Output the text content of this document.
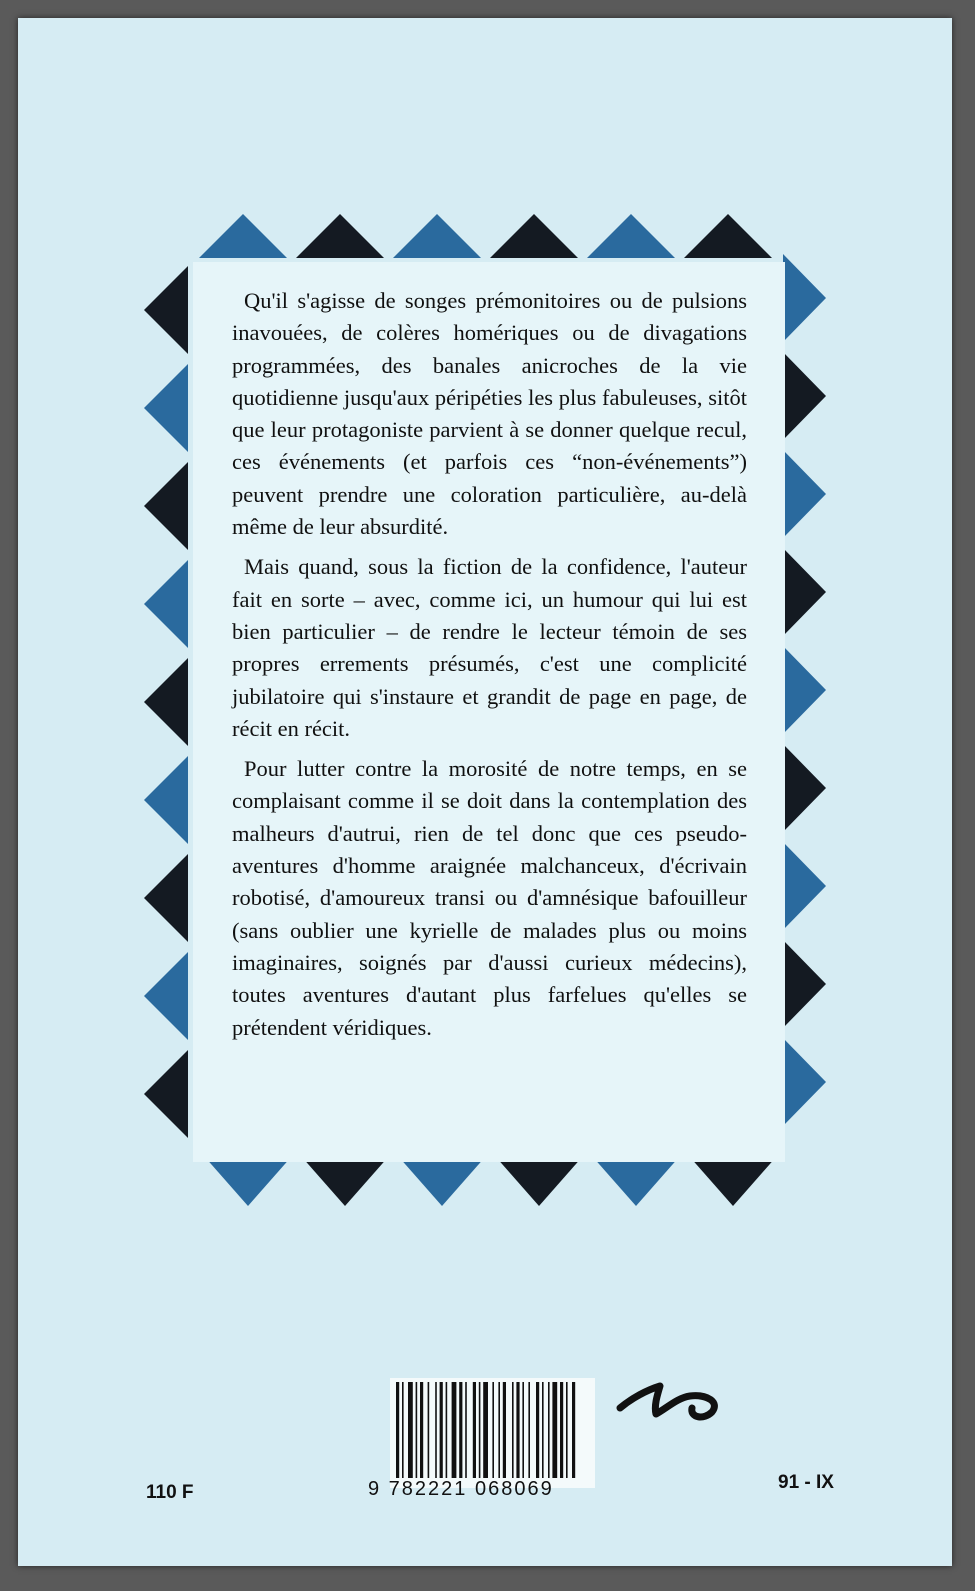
Qu'il s'agisse de songes prémonitoires ou de pulsions inavouées, de colères homériques ou de divagations programmées, des banales anicroches de la vie quotidienne jusqu'aux péripéties les plus fabuleuses, sitôt que leur protagoniste parvient à se donner quelque recul, ces événements (et parfois ces “non-événements”) peuvent prendre une coloration particulière, au-delà même de leur absurdité.

Mais quand, sous la fiction de la confidence, l'auteur fait en sorte – avec, comme ici, un humour qui lui est bien particulier – de rendre le lecteur témoin de ses propres errements présumés, c'est une complicité jubilatoire qui s'instaure et grandit de page en page, de récit en récit.

Pour lutter contre la morosité de notre temps, en se complaisant comme il se doit dans la contemplation des malheurs d'autrui, rien de tel donc que ces pseudo-aventures d'homme araignée malchanceux, d'écrivain robotisé, d'amoureux transi ou d'amnésique bafouilleur (sans oublier une kyrielle de malades plus ou moins imaginaires, soignés par d'aussi curieux médecins), toutes aventures d'autant plus farfelues qu'elles se prétendent véridiques.

9 782221 068069
110 F	91 - IX
